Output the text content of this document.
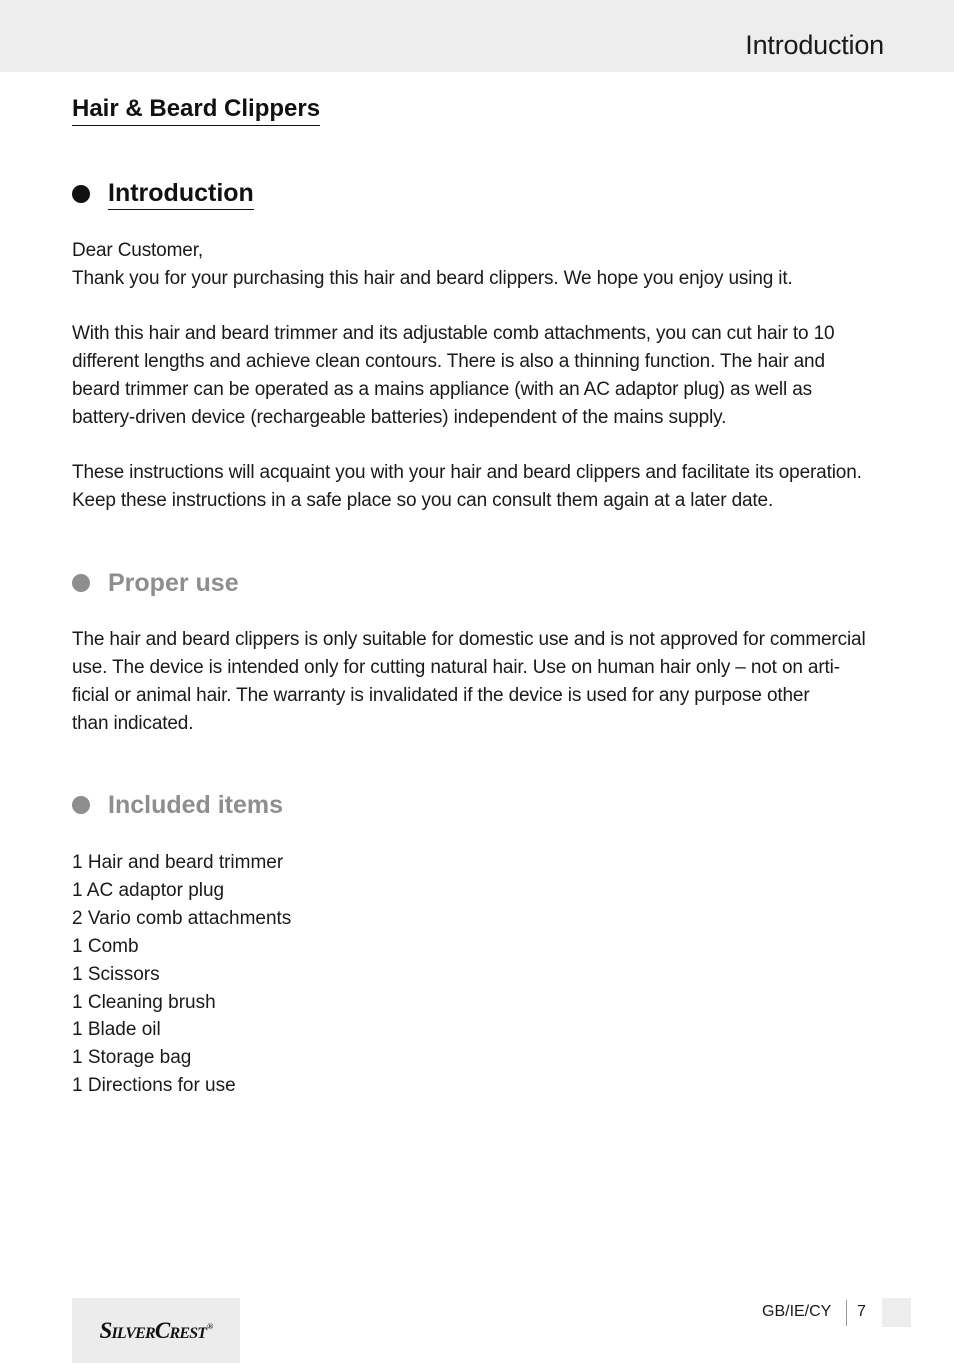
Introduction
Hair & Beard Clippers
Introduction
Dear Customer,
Thank you for your purchasing this hair and beard clippers. We hope you enjoy using it.
With this hair and beard trimmer and its adjustable comb attachments, you can cut hair to 10
different lengths and achieve clean contours. There is also a thinning function. The hair and
beard trimmer can be operated as a mains appliance (with an AC adaptor plug) as well as
battery-driven device (rechargeable batteries) independent of the mains supply.
These instructions will acquaint you with your hair and beard clippers and facilitate its operation.
Keep these instructions in a safe place so you can consult them again at a later date.
Proper use
The hair and beard clippers is only suitable for domestic use and is not approved for commercial
use. The device is intended only for cutting natural hair. Use on human hair only – not on arti-
ficial or animal hair. The warranty is invalidated if the device is used for any purpose other
than indicated.
Included items
1 Hair and beard trimmer
1 AC adaptor plug
2 Vario comb attachments
1 Comb
1 Scissors
1 Cleaning brush
1 Blade oil
1 Storage bag
1 Directions for use
SilverCrest®
GB/IE/CY 7
